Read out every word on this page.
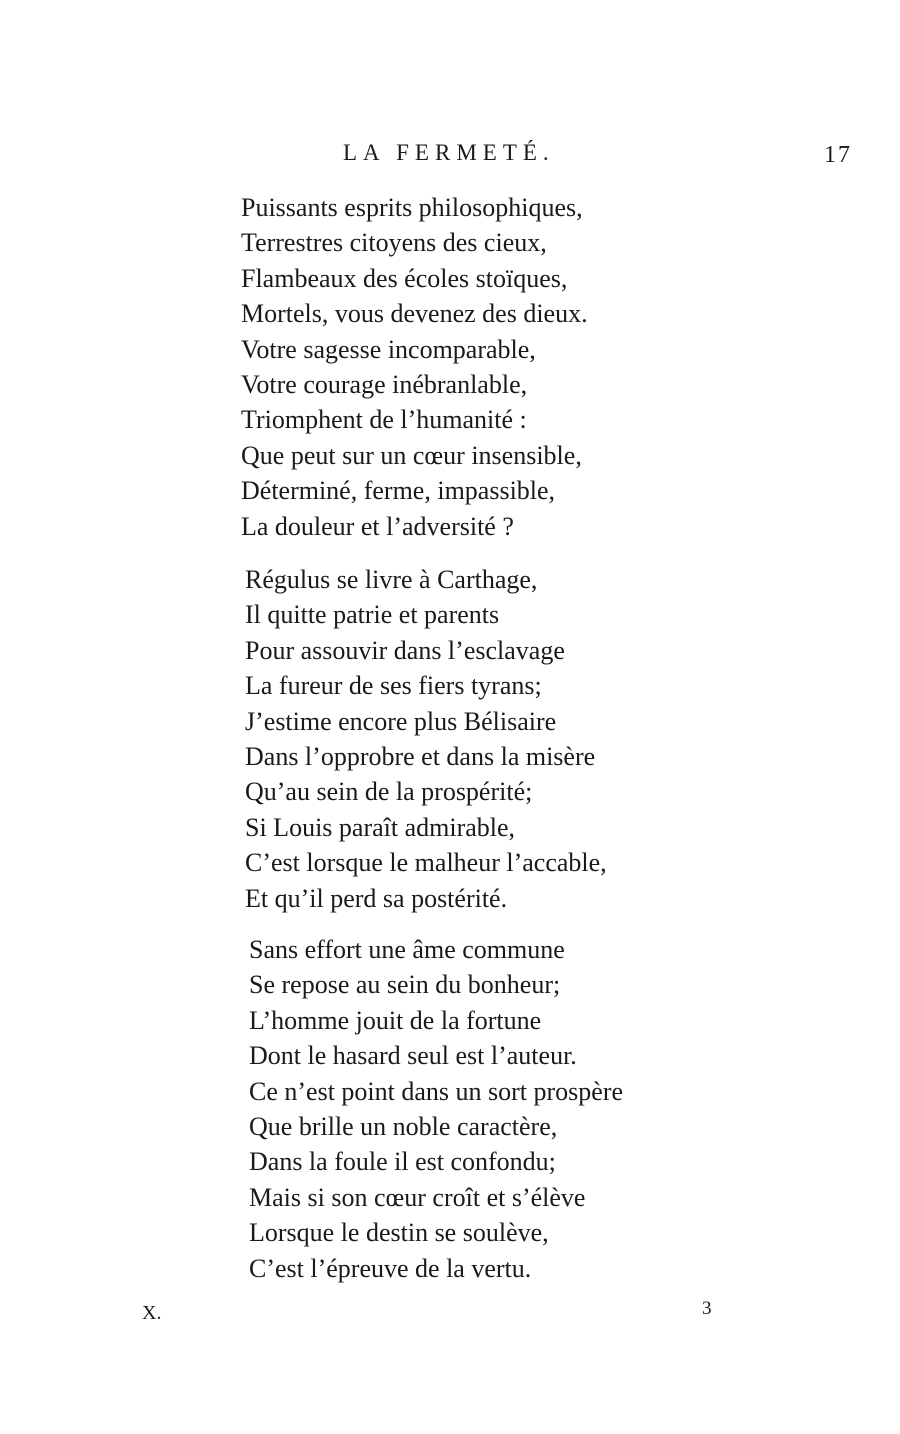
LA FERMETÉ.	17
Puissants esprits philosophiques,
Terrestres citoyens des cieux,
Flambeaux des écoles stoïques,
Mortels, vous devenez des dieux.
Votre sagesse incomparable,
Votre courage inébranlable,
Triomphent de l’humanité :
Que peut sur un cœur insensible,
Déterminé, ferme, impassible,
La douleur et l’adversité ?
Régulus se livre à Carthage,
Il quitte patrie et parents
Pour assouvir dans l’esclavage
La fureur de ses fiers tyrans;
J’estime encore plus Bélisaire
Dans l’opprobre et dans la misère
Qu’au sein de la prospérité;
Si Louis paraît admirable,
C’est lorsque le malheur l’accable,
Et qu’il perd sa postérité.
Sans effort une âme commune
Se repose au sein du bonheur;
L’homme jouit de la fortune
Dont le hasard seul est l’auteur.
Ce n’est point dans un sort prospère
Que brille un noble caractère,
Dans la foule il est confondu;
Mais si son cœur croît et s’élève
Lorsque le destin se soulève,
C’est l’épreuve de la vertu.
X.	3
